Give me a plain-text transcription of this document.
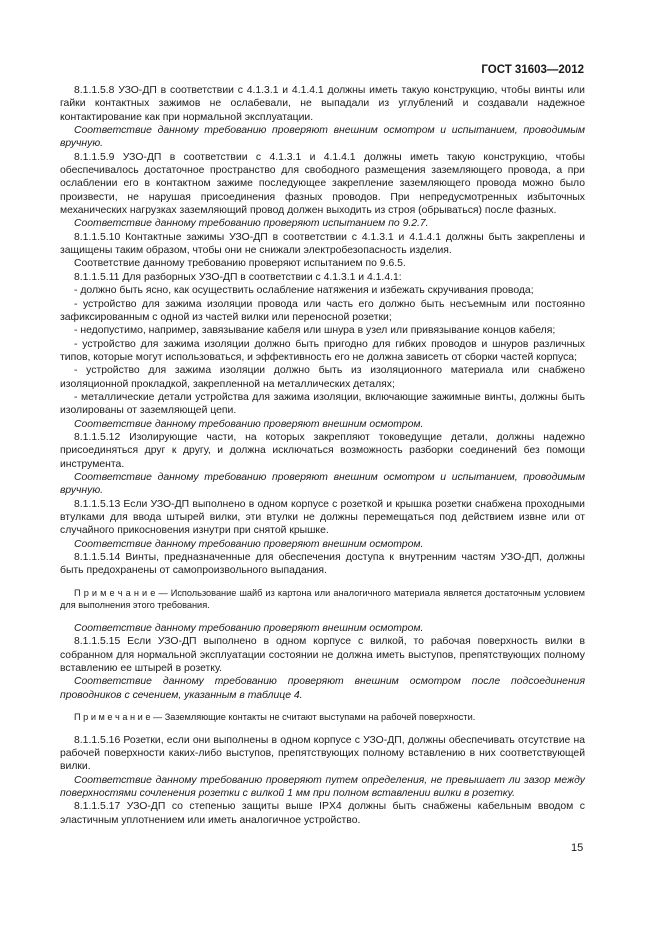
ГОСТ 31603—2012

8.1.1.5.8 УЗО-ДП в соответствии с 4.1.3.1 и 4.1.4.1 должны иметь такую конструкцию, чтобы винты или гайки контактных зажимов не ослабевали, не выпадали из углублений и создавали надежное контактирование как при нормальной эксплуатации.

Соответствие данному требованию проверяют внешним осмотром и испытанием, проводимым вручную.

8.1.1.5.9 УЗО-ДП в соответствии с 4.1.3.1 и 4.1.4.1 должны иметь такую конструкцию, чтобы обеспечивалось достаточное пространство для свободного размещения заземляющего провода, а при ослаблении его в контактном зажиме последующее закрепление заземляющего провода можно было произвести, не нарушая присоединения фазных проводов. При непредусмотренных избыточных механических нагрузках заземляющий провод должен выходить из строя (обрываться) после фазных.

Соответствие данному требованию проверяют испытанием по 9.2.7.

8.1.1.5.10 Контактные зажимы УЗО-ДП в соответствии с 4.1.3.1 и 4.1.4.1 должны быть закреплены и защищены таким образом, чтобы они не снижали электробезопасность изделия.

Соответствие данному требованию проверяют испытанием по 9.6.5.

8.1.1.5.11 Для разборных УЗО-ДП в соответствии с 4.1.3.1 и 4.1.4.1:

- должно быть ясно, как осуществить ослабление натяжения и избежать скручивания провода;

- устройство для зажима изоляции провода или часть его должно быть несъемным или постоянно зафиксированным с одной из частей вилки или переносной розетки;

- недопустимо, например, завязывание кабеля или шнура в узел или привязывание концов кабеля;

- устройство для зажима изоляции должно быть пригодно для гибких проводов и шнуров различных типов, которые могут использоваться, и эффективность его не должна зависеть от сборки частей корпуса;

- устройство для зажима изоляции должно быть из изоляционного материала или снабжено изоляционной прокладкой, закрепленной на металлических деталях;

- металлические детали устройства для зажима изоляции, включающие зажимные винты, должны быть изолированы от заземляющей цепи.

Соответствие данному требованию проверяют внешним осмотром.

8.1.1.5.12 Изолирующие части, на которых закрепляют токоведущие детали, должны надежно присоединяться друг к другу, и должна исключаться возможность разборки соединений без помощи инструмента.

Соответствие данному требованию проверяют внешним осмотром и испытанием, проводимым вручную.

8.1.1.5.13 Если УЗО-ДП выполнено в одном корпусе с розеткой и крышка розетки снабжена проходными втулками для ввода штырей вилки, эти втулки не должны перемещаться под действием извне или от случайного прикосновения изнутри при снятой крышке.

Соответствие данному требованию проверяют внешним осмотром.

8.1.1.5.14 Винты, предназначенные для обеспечения доступа к внутренним частям УЗО-ДП, должны быть предохранены от самопроизвольного выпадания.

П р и м е ч а н и е — Использование шайб из картона или аналогичного материала является достаточным условием для выполнения этого требования.

Соответствие данному требованию проверяют внешним осмотром.

8.1.1.5.15 Если УЗО-ДП выполнено в одном корпусе с вилкой, то рабочая поверхность вилки в собранном для нормальной эксплуатации состоянии не должна иметь выступов, препятствующих полному вставлению ее штырей в розетку.

Соответствие данному требованию проверяют внешним осмотром после подсоединения проводников с сечением, указанным в таблице 4.

П р и м е ч а н и е — Заземляющие контакты не считают выступами на рабочей поверхности.

8.1.1.5.16 Розетки, если они выполнены в одном корпусе с УЗО-ДП, должны обеспечивать отсутствие на рабочей поверхности каких-либо выступов, препятствующих полному вставлению в них соответствующей вилки.

Соответствие данному требованию проверяют путем определения, не превышает ли зазор между поверхностями сочленения розетки с вилкой 1 мм при полном вставлении вилки в розетку.

8.1.1.5.17 УЗО-ДП со степенью защиты выше IPX4 должны быть снабжены кабельным вводом с эластичным уплотнением или иметь аналогичное устройство.

15
